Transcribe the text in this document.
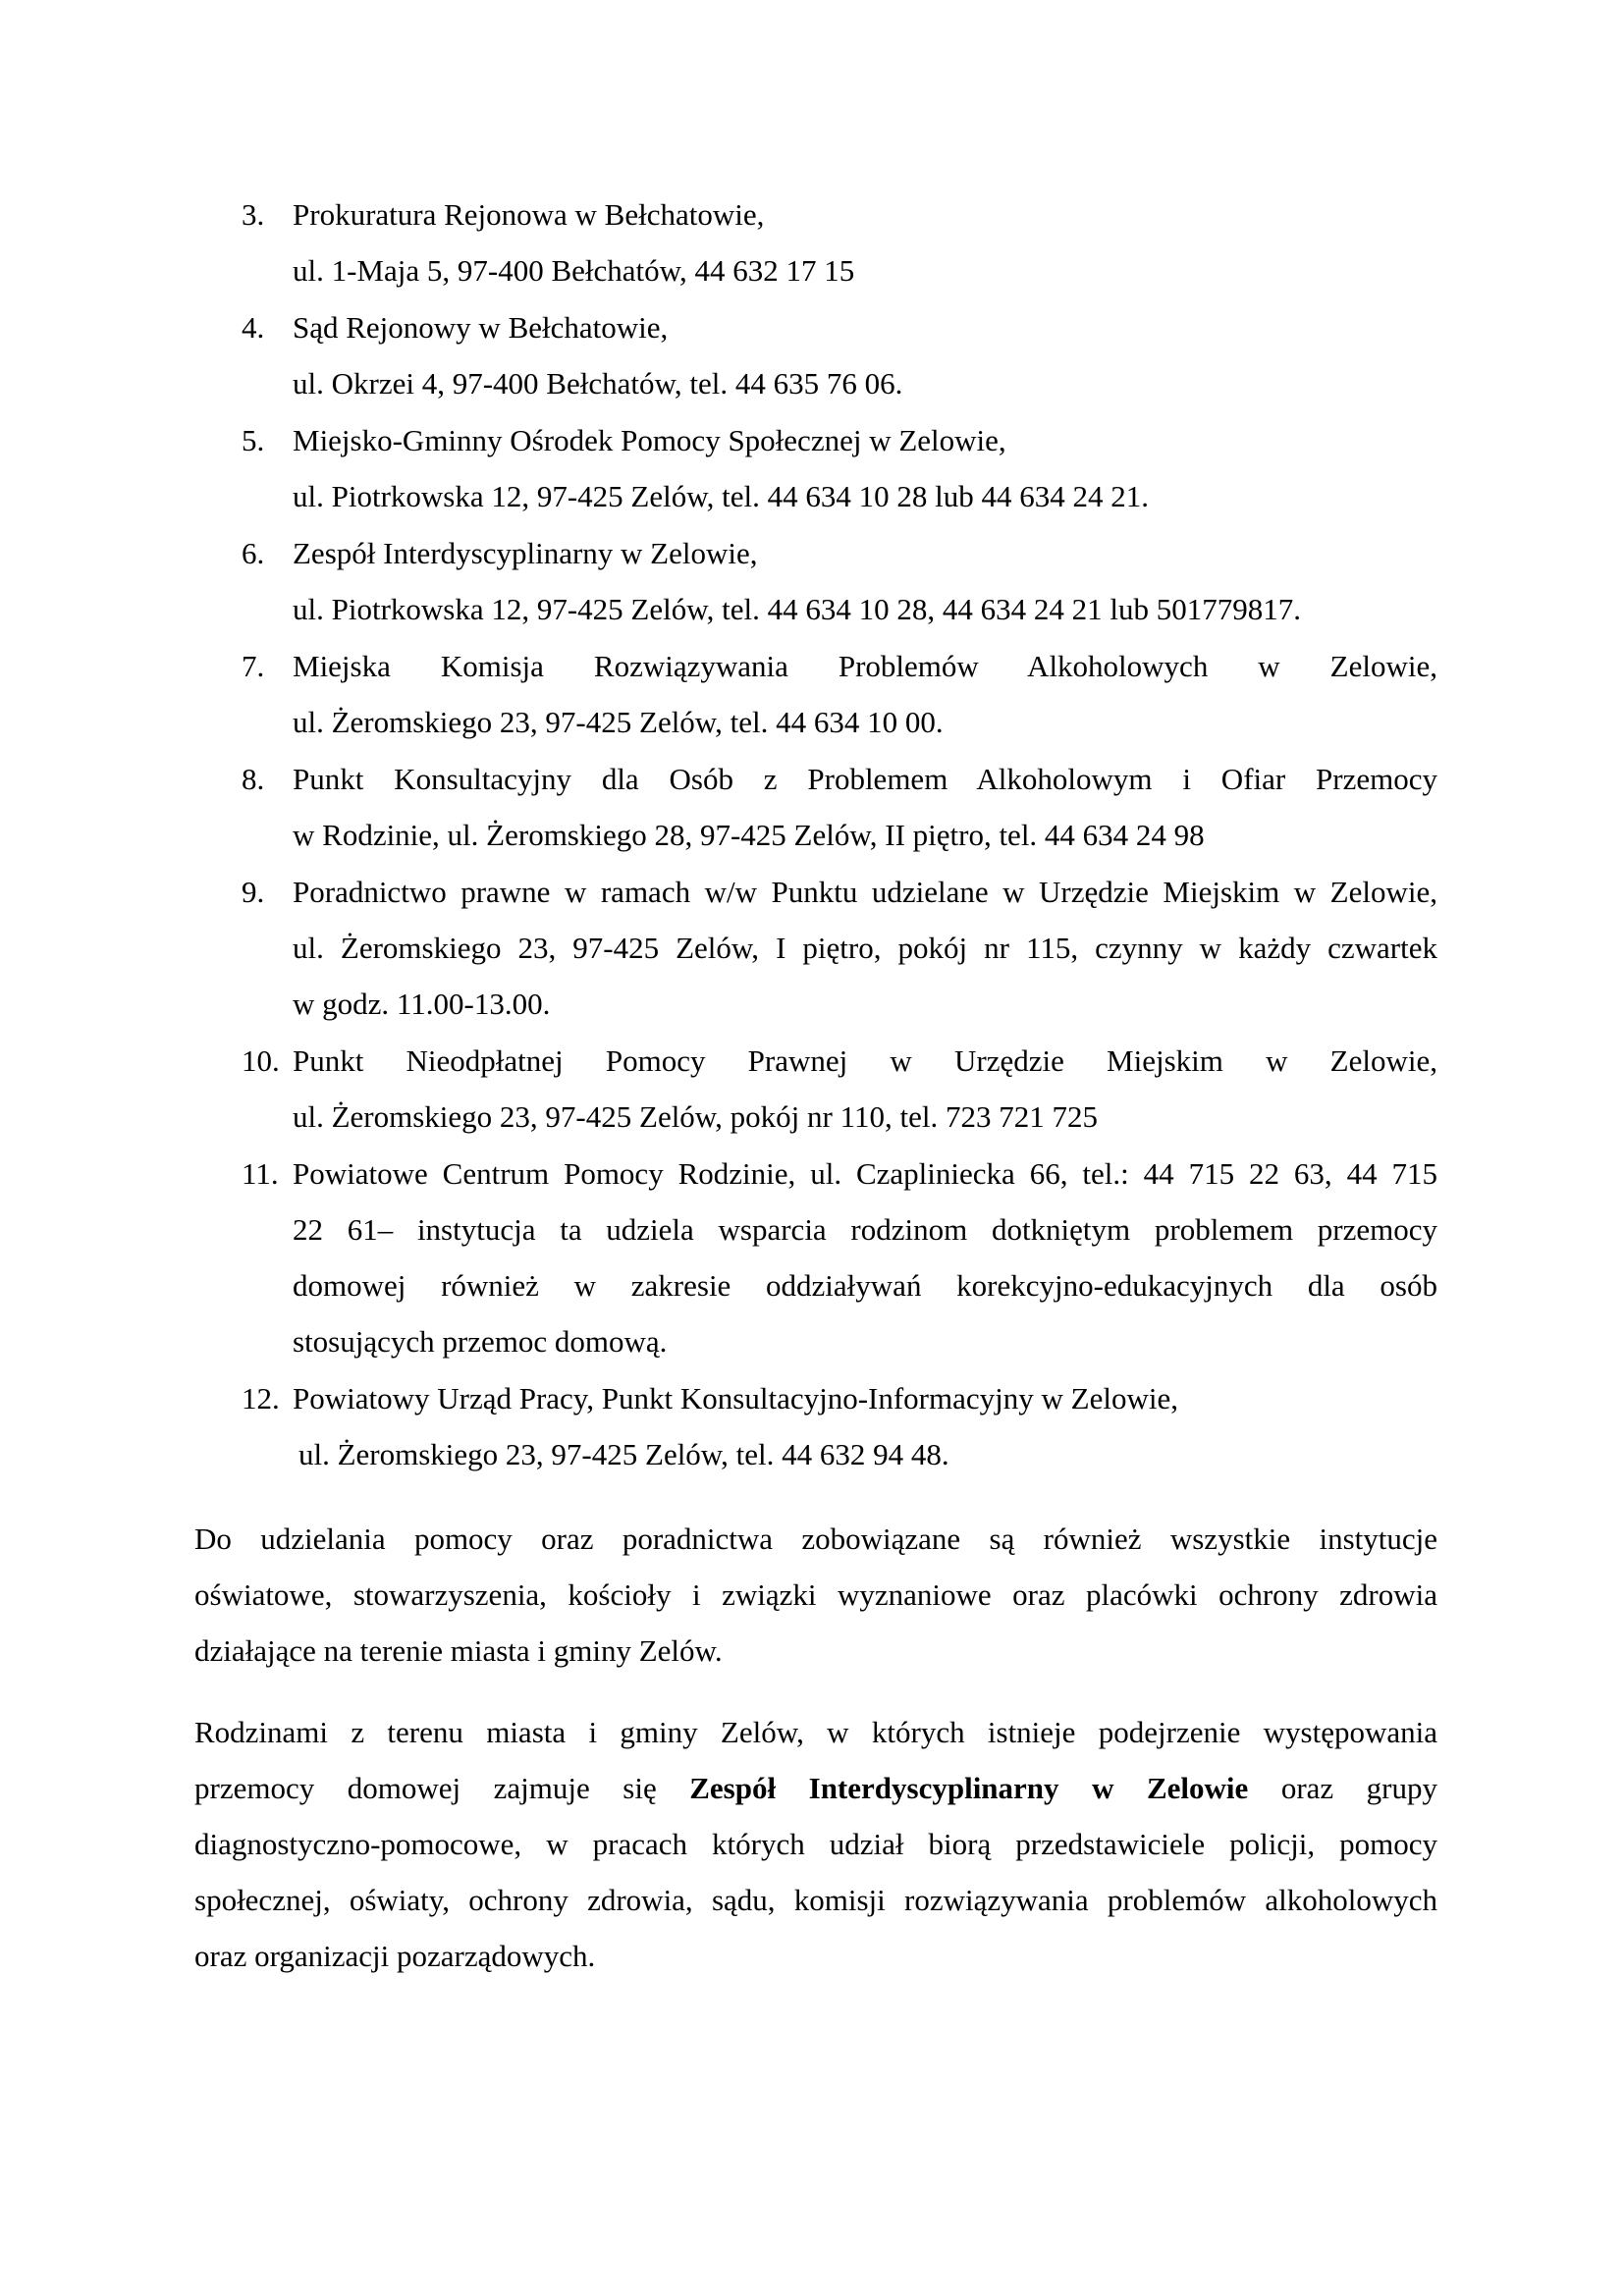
3. Prokuratura Rejonowa w Bełchatowie,
ul. 1-Maja 5, 97-400 Bełchatów, 44 632 17 15
4. Sąd Rejonowy w Bełchatowie,
ul. Okrzei 4, 97-400 Bełchatów, tel. 44 635 76 06.
5. Miejsko-Gminny Ośrodek Pomocy Społecznej w Zelowie,
ul. Piotrkowska 12, 97-425 Zelów, tel. 44 634 10 28 lub 44 634 24 21.
6. Zespół Interdyscyplinarny w Zelowie,
ul. Piotrkowska 12, 97-425 Zelów, tel. 44 634 10 28, 44 634 24 21 lub 501779817.
7. Miejska Komisja Rozwiązywania Problemów Alkoholowych w Zelowie,
ul. Żeromskiego 23, 97-425 Zelów, tel. 44 634 10 00.
8. Punkt Konsultacyjny dla Osób z Problemem Alkoholowym i Ofiar Przemocy
w Rodzinie, ul. Żeromskiego 28, 97-425 Zelów, II piętro, tel. 44 634 24 98
9. Poradnictwo prawne w ramach w/w Punktu udzielane w Urzędzie Miejskim w Zelowie,
ul. Żeromskiego 23, 97-425 Zelów, I piętro, pokój nr 115, czynny w każdy czwartek
w godz. 11.00-13.00.
10. Punkt Nieodpłatnej Pomocy Prawnej w Urzędzie Miejskim w Zelowie,
ul. Żeromskiego 23, 97-425 Zelów, pokój nr 110, tel. 723 721 725
11. Powiatowe Centrum Pomocy Rodzinie, ul. Czapliniecka 66, tel.: 44 715 22 63, 44 715
22 61– instytucja ta udziela wsparcia rodzinom dotkniętym problemem przemocy
domowej również w zakresie oddziaływań korekcyjno-edukacyjnych dla osób
stosujących przemoc domową.
12. Powiatowy Urząd Pracy, Punkt Konsultacyjno-Informacyjny w Zelowie,
ul. Żeromskiego 23, 97-425 Zelów, tel. 44 632 94 48.

Do udzielania pomocy oraz poradnictwa zobowiązane są również wszystkie instytucje
oświatowe, stowarzyszenia, kościoły i związki wyznaniowe oraz placówki ochrony zdrowia
działające na terenie miasta i gminy Zelów.

Rodzinami z terenu miasta i gminy Zelów, w których istnieje podejrzenie występowania
przemocy domowej zajmuje się Zespół Interdyscyplinarny w Zelowie oraz grupy
diagnostyczno-pomocowe, w pracach których udział biorą przedstawiciele policji, pomocy
społecznej, oświaty, ochrony zdrowia, sądu, komisji rozwiązywania problemów alkoholowych
oraz organizacji pozarządowych.
